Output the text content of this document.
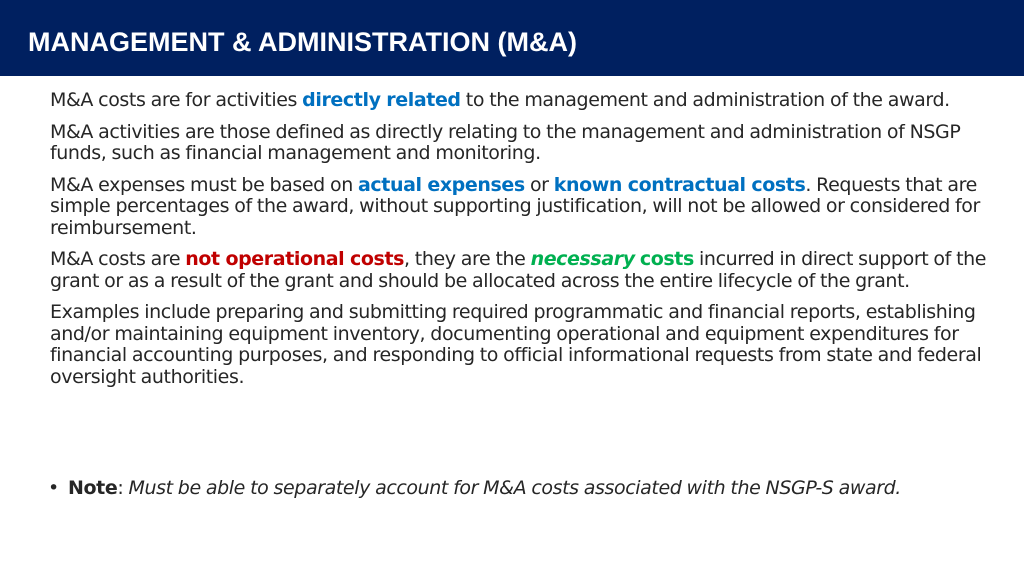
MANAGEMENT & ADMINISTRATION (M&A)

M&A costs are for activities directly related to the management and administration of the award.

M&A activities are those defined as directly relating to the management and administration of NSGP funds, such as financial management and monitoring.

M&A expenses must be based on actual expenses or known contractual costs. Requests that are simple percentages of the award, without supporting justification, will not be allowed or considered for reimbursement.

M&A costs are not operational costs, they are the necessary costs incurred in direct support of the grant or as a result of the grant and should be allocated across the entire lifecycle of the grant.

Examples include preparing and submitting required programmatic and financial reports, establishing and/or maintaining equipment inventory, documenting operational and equipment expenditures for financial accounting purposes, and responding to official informational requests from state and federal oversight authorities.

• Note: Must be able to separately account for M&A costs associated with the NSGP-S award.
